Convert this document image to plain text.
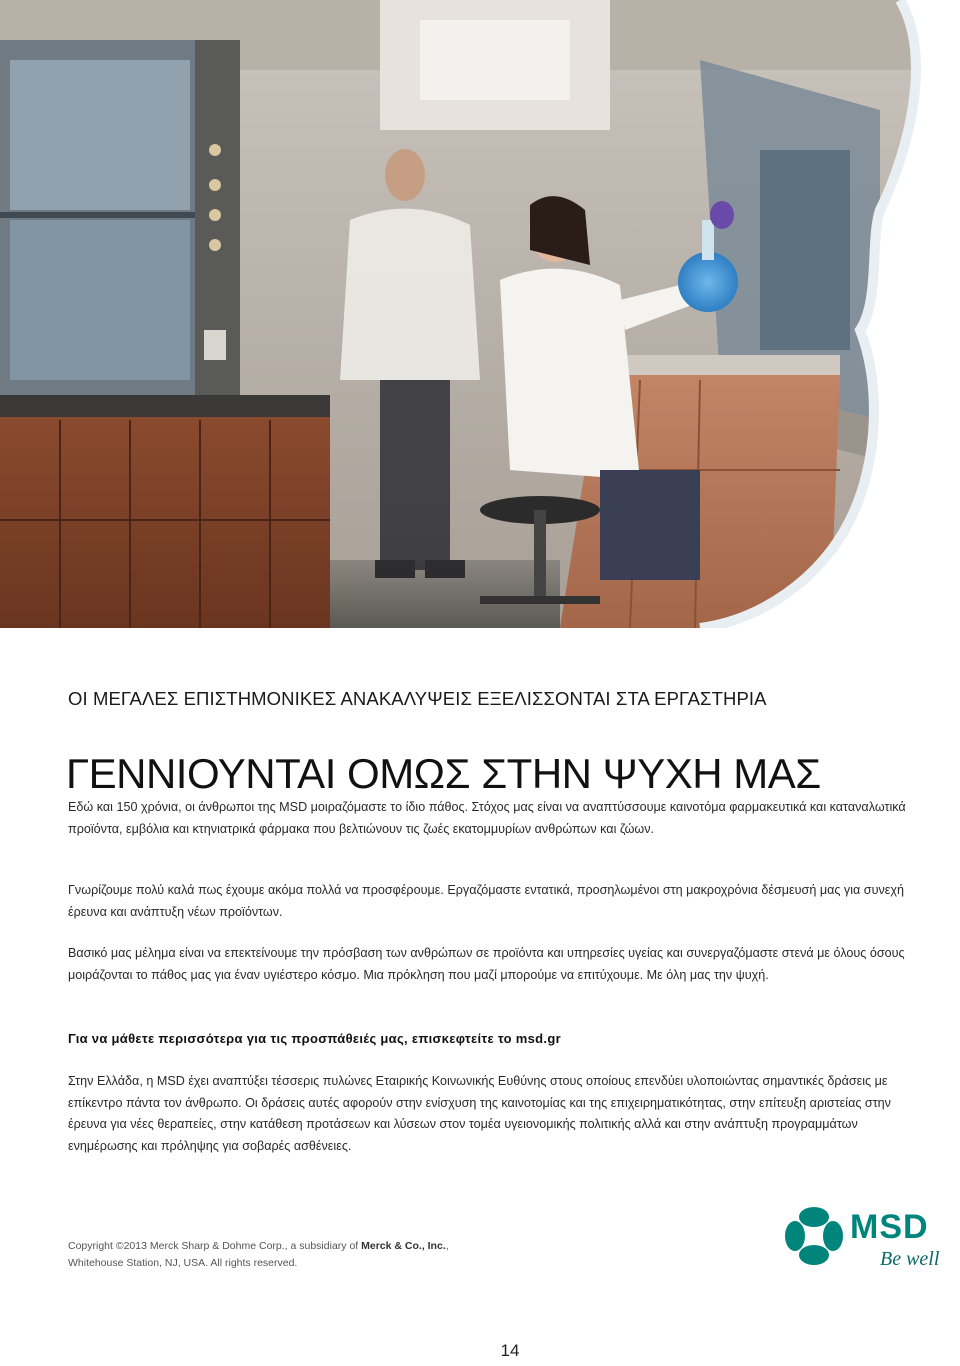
ΟΙ ΜΕΓΑΛΕΣ ΕΠΙΣΤΗΜΟΝΙΚΕΣ ΑΝΑΚΑΛΥΨΕΙΣ ΕΞΕΛΙΣΣΟΝΤΑΙ ΣΤΑ ΕΡΓΑΣΤΗΡΙΑ
ΓΕΝΝΙΟΥΝΤΑΙ ΟΜΩΣ ΣΤΗΝ ΨΥΧΗ ΜΑΣ

Εδώ και 150 χρόνια, οι άνθρωποι της MSD μοιραζόμαστε το ίδιο πάθος. Στόχος μας είναι να αναπτύσσουμε καινοτόμα φαρμακευτικά και καταναλωτικά προϊόντα, εμβόλια και κτηνιατρικά φάρμακα που βελτιώνουν τις ζωές εκατομμυρίων ανθρώπων και ζώων.

Γνωρίζουμε πολύ καλά πως έχουμε ακόμα πολλά να προσφέρουμε. Εργαζόμαστε εντατικά, προσηλωμένοι στη μακροχρόνια δέσμευσή μας για συνεχή έρευνα και ανάπτυξη νέων προϊόντων.

Βασικό μας μέλημα είναι να επεκτείνουμε την πρόσβαση των ανθρώπων σε προϊόντα και υπηρεσίες υγείας και συνεργαζόμαστε στενά με όλους όσους μοιράζονται το πάθος μας για έναν υγιέστερο κόσμο. Μια πρόκληση που μαζί μπορούμε να επιτύχουμε. Με όλη μας την ψυχή.

Για να μάθετε περισσότερα για τις προσπάθειές μας, επισκεφτείτε το msd.gr

Στην Ελλάδα, η MSD έχει αναπτύξει τέσσερις πυλώνες Εταιρικής Κοινωνικής Ευθύνης στους οποίους επενδύει υλοποιώντας σημαντικές δράσεις με επίκεντρο πάντα τον άνθρωπο. Οι δράσεις αυτές αφορούν στην ενίσχυση της καινοτομίας και της επιχειρηματικότητας, στην επίτευξη αριστείας στην έρευνα για νέες θεραπείες, στην κατάθεση προτάσεων και λύσεων στον τομέα υγειονομικής πολιτικής αλλά και στην ανάπτυξη προγραμμάτων ενημέρωσης και πρόληψης για σοβαρές ασθένειες.

Copyright ©2013 Merck Sharp & Dohme Corp., a subsidiary of Merck & Co., Inc.,
Whitehouse Station, NJ, USA. All rights reserved.
MSD
Be well
14
